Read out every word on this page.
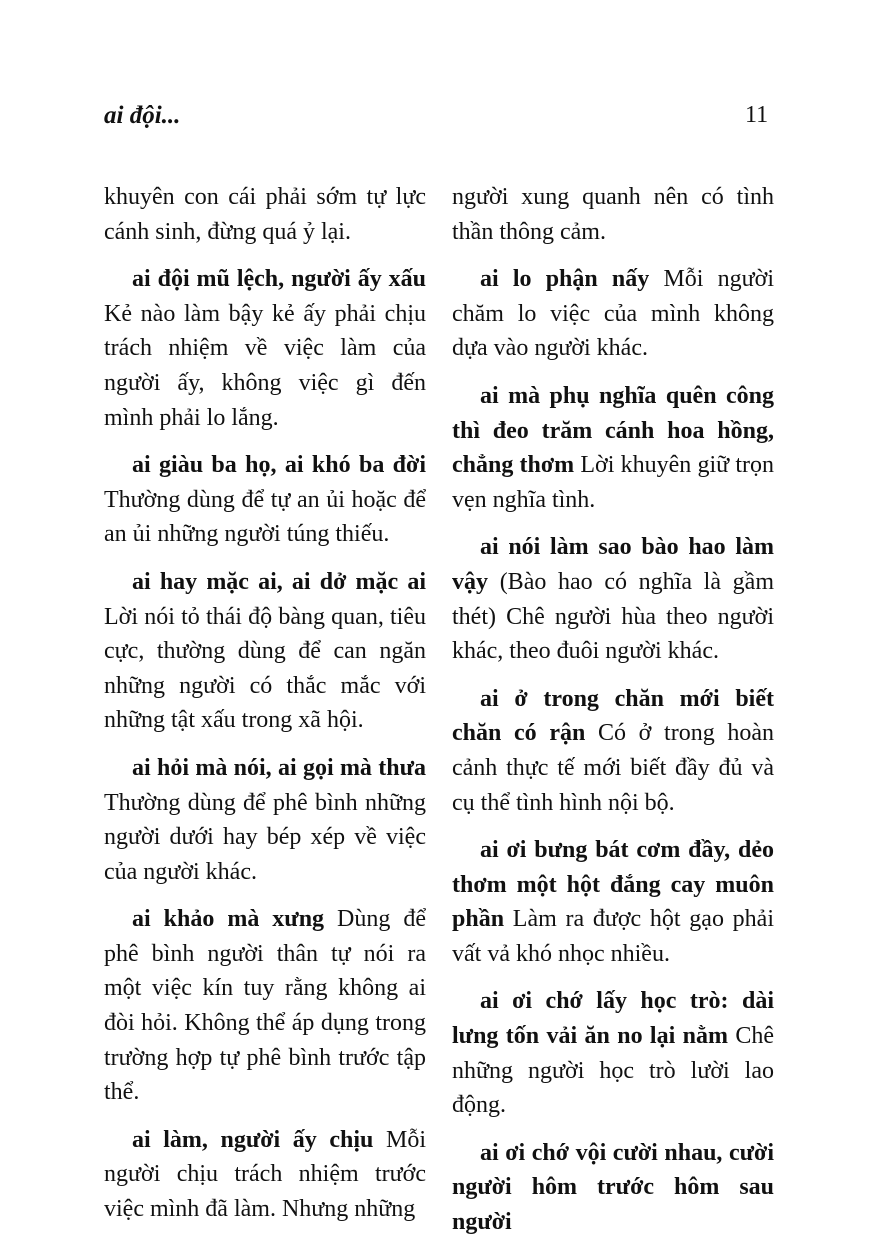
ai đội...	11

khuyên con cái phải sớm tự lực cánh sinh, đừng quá ỷ lại.

ai đội mũ lệch, người ấy xấu Kẻ nào làm bậy kẻ ấy phải chịu trách nhiệm về việc làm của người ấy, không việc gì đến mình phải lo lắng.

ai giàu ba họ, ai khó ba đời Thường dùng để tự an ủi hoặc để an ủi những người túng thiếu.

ai hay mặc ai, ai dở mặc ai Lời nói tỏ thái độ bàng quan, tiêu cực, thường dùng để can ngăn những người có thắc mắc với những tật xấu trong xã hội.

ai hỏi mà nói, ai gọi mà thưa Thường dùng để phê bình những người dưới hay bép xép về việc của người khác.

ai khảo mà xưng Dùng để phê bình người thân tự nói ra một việc kín tuy rằng không ai đòi hỏi. Không thể áp dụng trong trường hợp tự phê bình trước tập thể.

ai làm, người ấy chịu Mỗi người chịu trách nhiệm trước việc mình đã làm. Nhưng những

người xung quanh nên có tình thần thông cảm.

ai lo phận nấy Mỗi người chăm lo việc của mình không dựa vào người khác.

ai mà phụ nghĩa quên công thì đeo trăm cánh hoa hồng, chẳng thơm Lời khuyên giữ trọn vẹn nghĩa tình.

ai nói làm sao bào hao làm vậy (Bào hao có nghĩa là gầm thét) Chê người hùa theo người khác, theo đuôi người khác.

ai ở trong chăn mới biết chăn có rận Có ở trong hoàn cảnh thực tế mới biết đầy đủ và cụ thể tình hình nội bộ.

ai ơi bưng bát cơm đầy, dẻo thơm một hột đắng cay muôn phần Làm ra được hột gạo phải vất vả khó nhọc nhiều.

ai ơi chớ lấy học trò: dài lưng tốn vải ăn no lại nằm Chê những người học trò lười lao động.

ai ơi chớ vội cười nhau, cười người hôm trước hôm sau người
